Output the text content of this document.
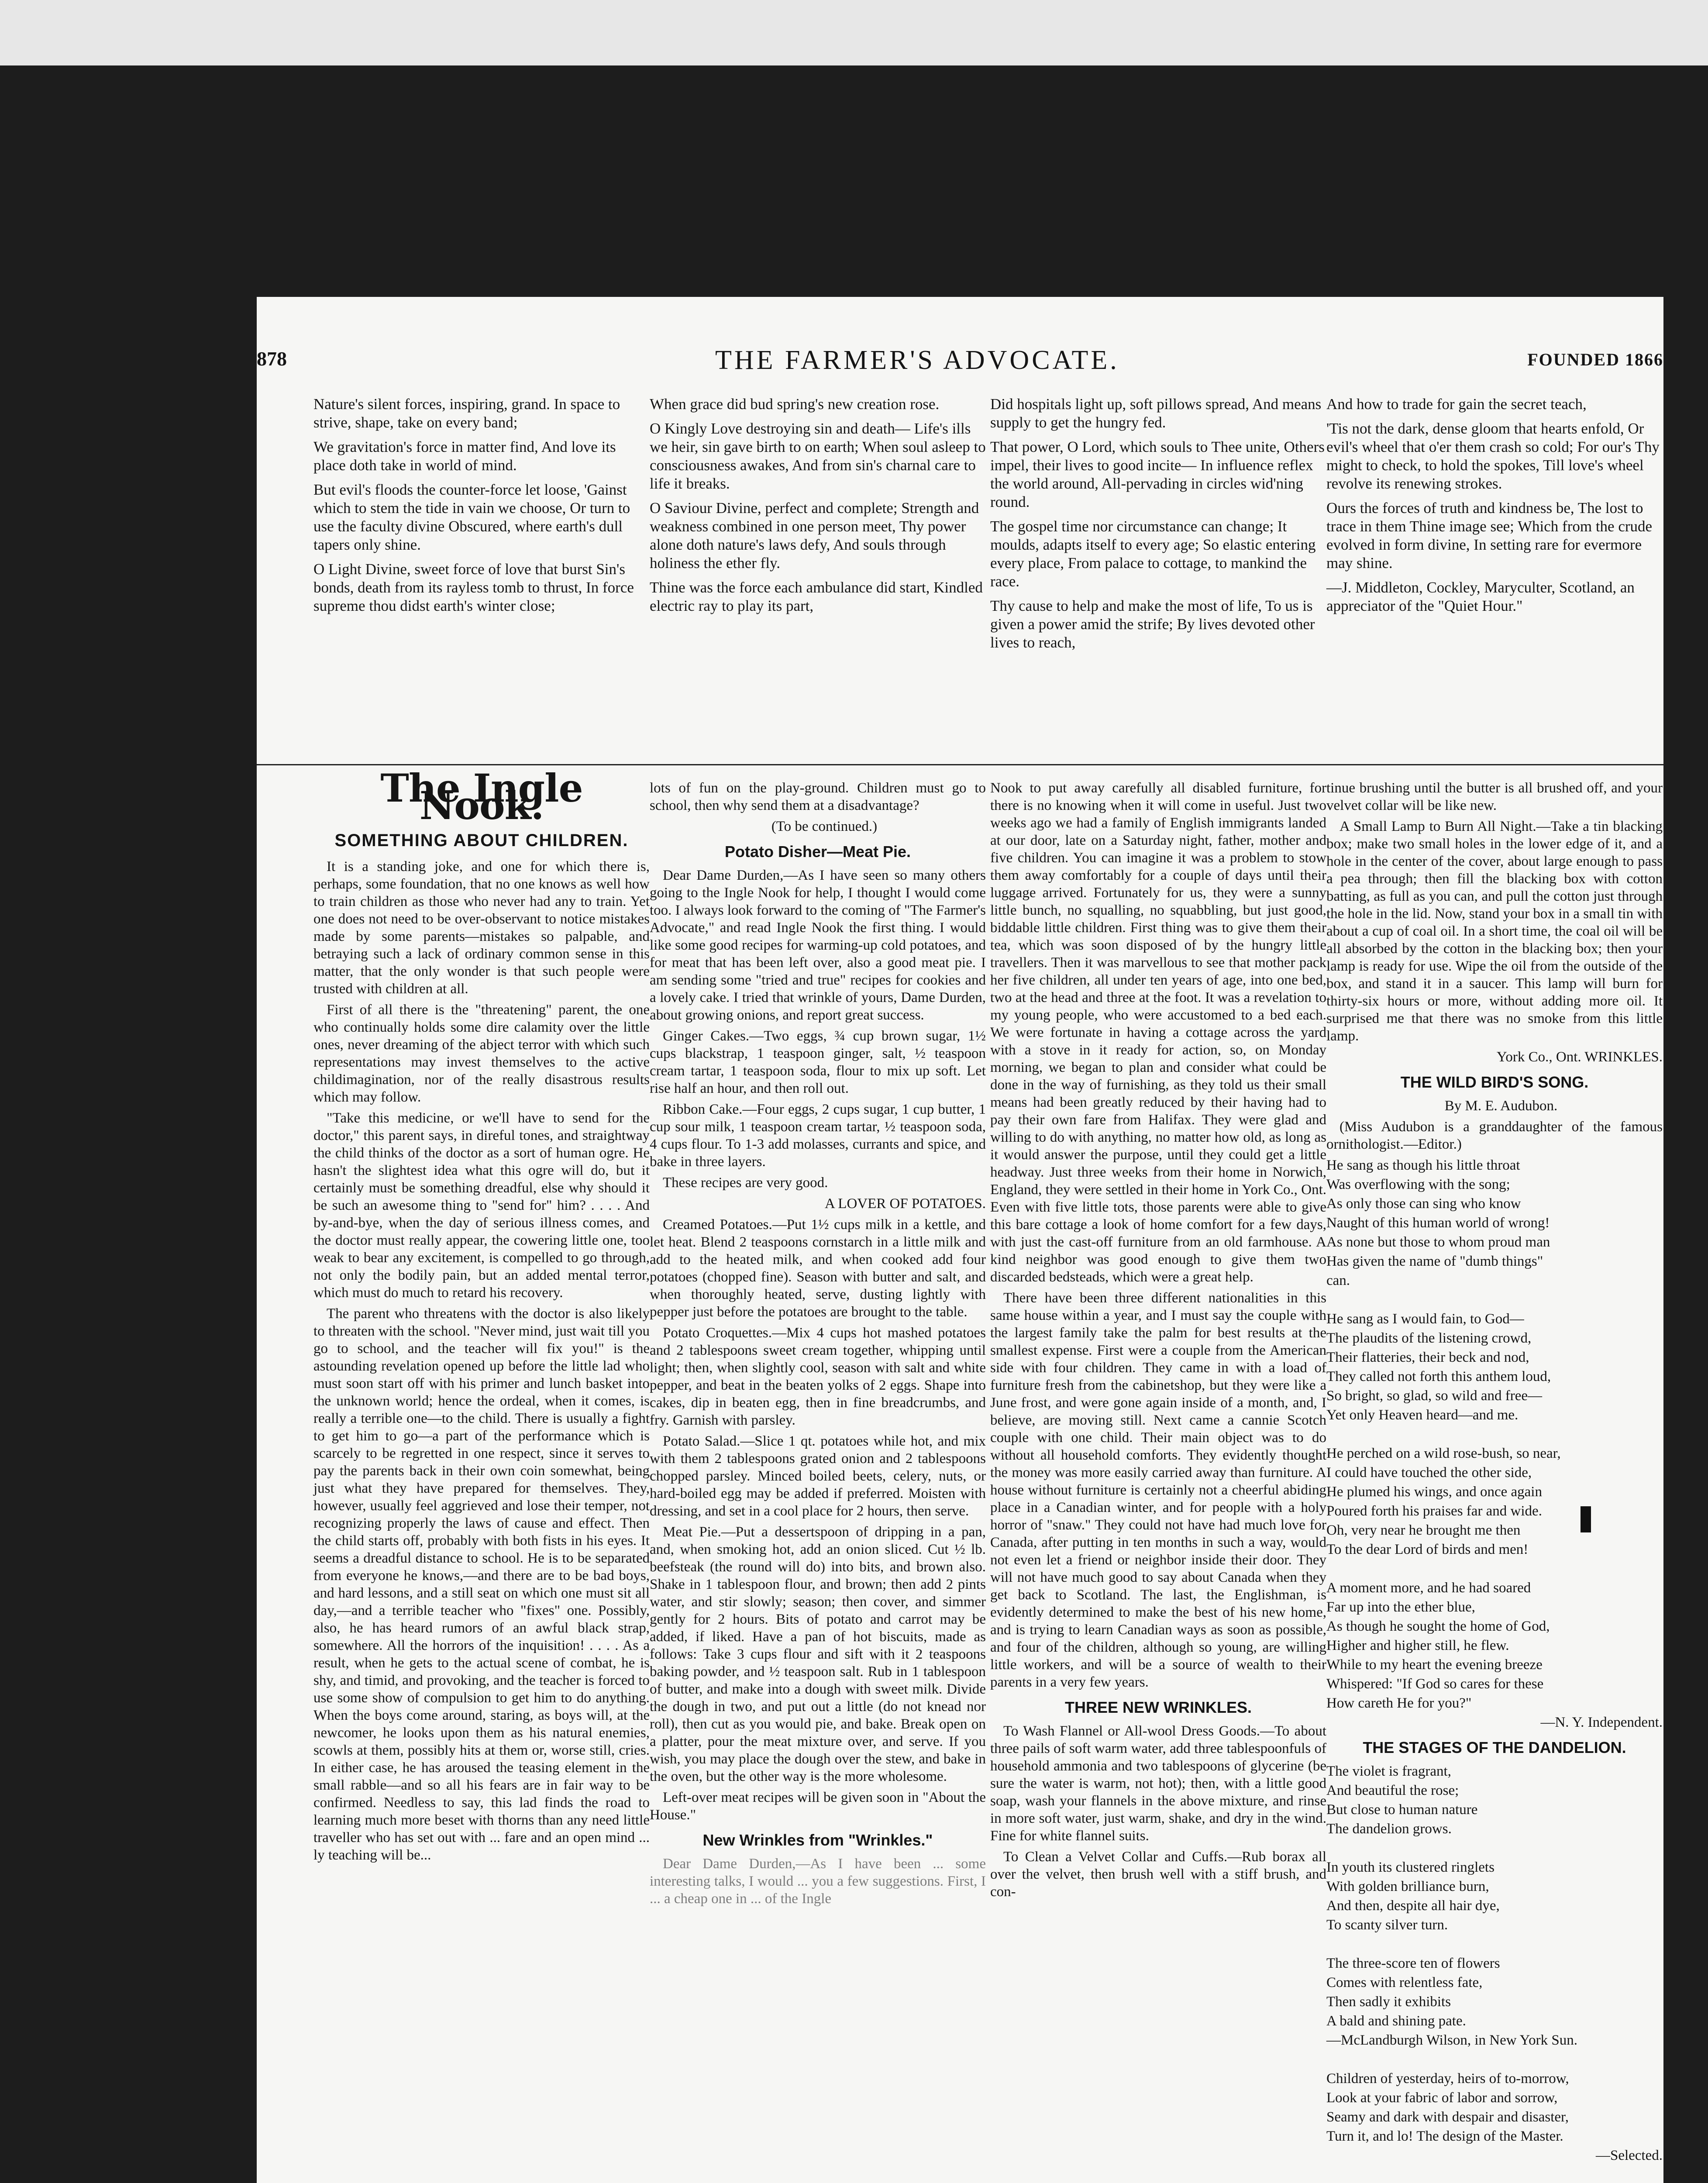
878	THE FARMER'S ADVOCATE.	FOUNDED 1866

Nature's silent forces, inspiring, grand. In space to strive, shape, take on every band;

We gravitation's force in matter find, And love its place doth take in world of mind.

But evil's floods the counter-force let loose, 'Gainst which to stem the tide in vain we choose, Or turn to use the faculty divine Obscured, where earth's dull tapers only shine.

O Light Divine, sweet force of love that burst Sin's bonds, death from its rayless tomb to thrust, In force supreme thou didst earth's winter close;

When grace did bud spring's new creation rose.

O Kingly Love destroying sin and death— Life's ills we heir, sin gave birth to on earth; When soul asleep to consciousness awakes, And from sin's charnal care to life it breaks.

O Saviour Divine, perfect and complete; Strength and weakness combined in one person meet, Thy power alone doth nature's laws defy, And souls through holiness the ether fly.

Thine was the force each ambulance did start, Kindled electric ray to play its part,

Did hospitals light up, soft pillows spread, And means supply to get the hungry fed.

That power, O Lord, which souls to Thee unite, Others impel, their lives to good incite— In influence reflex the world around, All-pervading in circles wid'ning round.

The gospel time nor circumstance can change; It moulds, adapts itself to every age; So elastic entering every place, From palace to cottage, to mankind the race.

Thy cause to help and make the most of life, To us is given a power amid the strife; By lives devoted other lives to reach,

And how to trade for gain the secret teach,

'Tis not the dark, dense gloom that hearts enfold, Or evil's wheel that o'er them crash so cold; For our's Thy might to check, to hold the spokes, Till love's wheel revolve its renewing strokes.

Ours the forces of truth and kindness be, The lost to trace in them Thine image see; Which from the crude evolved in form divine, In setting rare for evermore may shine.

—J. Middleton, Cockley, Maryculter, Scotland, an appreciator of the "Quiet Hour."

The Ingle Nook.
SOMETHING ABOUT CHILDREN.

It is a standing joke, and one for which there is, perhaps, some foundation, that no one knows as well how to train children as those who never had any to train. Yet one does not need to be over-observant to notice mistakes made by some parents—mistakes so palpable, and betraying such a lack of ordinary common sense in this matter, that the only wonder is that such people were trusted with children at all.

First of all there is the "threatening" parent, the one who continually holds some dire calamity over the little ones, never dreaming of the abject terror with which such representations may invest themselves to the active childimagination, nor of the really disastrous results which may follow.

"Take this medicine, or we'll have to send for the doctor," this parent says, in direful tones, and straightway the child thinks of the doctor as a sort of human ogre. He hasn't the slightest idea what this ogre will do, but it certainly must be something dreadful, else why should it be such an awesome thing to "send for" him? . . . . And by-and-bye, when the day of serious illness comes, and the doctor must really appear, the cowering little one, too weak to bear any excitement, is compelled to go through, not only the bodily pain, but an added mental terror, which must do much to retard his recovery.

The parent who threatens with the doctor is also likely to threaten with the school. "Never mind, just wait till you go to school, and the teacher will fix you!" is the astounding revelation opened up before the little lad who must soon start off with his primer and lunch basket into the unknown world; hence the ordeal, when it comes, is really a terrible one—to the child. There is usually a fight to get him to go—a part of the performance which is scarcely to be regretted in one respect, since it serves to pay the parents back in their own coin somewhat, being just what they have prepared for themselves. They, however, usually feel aggrieved and lose their temper, not recognizing properly the laws of cause and effect. Then the child starts off, probably with both fists in his eyes. It seems a dreadful distance to school. He is to be separated from everyone he knows,—and there are to be bad boys, and hard lessons, and a still seat on which one must sit all day,—and a terrible teacher who "fixes" one. Possibly, also, he has heard rumors of an awful black strap, somewhere. All the horrors of the inquisition! . . . . As a result, when he gets to the actual scene of combat, he is shy, and timid, and provoking, and the teacher is forced to use some show of compulsion to get him to do anything. When the boys come around, staring, as boys will, at the newcomer, he looks upon them as his natural enemies, scowls at them, possibly hits at them or, worse still, cries. In either case, he has aroused the teasing element in the small rabble—and so all his fears are in fair way to be confirmed. Needless to say, this lad finds the road to learning much more beset with thorns than any need little traveller who has set out with ... fare and an open mind ... ly teaching will be...

lots of fun on the play-ground. Children must go to school, then why send them at a disadvantage?

(To be continued.)

Potato Disher—Meat Pie.

Dear Dame Durden,—As I have seen so many others going to the Ingle Nook for help, I thought I would come too. I always look forward to the coming of "The Farmer's Advocate," and read Ingle Nook the first thing. I would like some good recipes for warming-up cold potatoes, and for meat that has been left over, also a good meat pie. I am sending some "tried and true" recipes for cookies and a lovely cake. I tried that wrinkle of yours, Dame Durden, about growing onions, and report great success.

Ginger Cakes.—Two eggs, ¾ cup brown sugar, 1½ cups blackstrap, 1 teaspoon ginger, salt, ½ teaspoon cream tartar, 1 teaspoon soda, flour to mix up soft. Let rise half an hour, and then roll out.

Ribbon Cake.—Four eggs, 2 cups sugar, 1 cup butter, 1 cup sour milk, 1 teaspoon cream tartar, ½ teaspoon soda, 4 cups flour. To 1-3 add molasses, currants and spice, and bake in three layers.

These recipes are very good.

A LOVER OF POTATOES.

Creamed Potatoes.—Put 1½ cups milk in a kettle, and let heat. Blend 2 teaspoons cornstarch in a little milk and add to the heated milk, and when cooked add four potatoes (chopped fine). Season with butter and salt, and when thoroughly heated, serve, dusting lightly with pepper just before the potatoes are brought to the table.

Potato Croquettes.—Mix 4 cups hot mashed potatoes and 2 tablespoons sweet cream together, whipping until light; then, when slightly cool, season with salt and white pepper, and beat in the beaten yolks of 2 eggs. Shape into cakes, dip in beaten egg, then in fine breadcrumbs, and fry. Garnish with parsley.

Potato Salad.—Slice 1 qt. potatoes while hot, and mix with them 2 tablespoons grated onion and 2 tablespoons chopped parsley. Minced boiled beets, celery, nuts, or hard-boiled egg may be added if preferred. Moisten with dressing, and set in a cool place for 2 hours, then serve.

Meat Pie.—Put a dessertspoon of dripping in a pan, and, when smoking hot, add an onion sliced. Cut ½ lb. beefsteak (the round will do) into bits, and brown also. Shake in 1 tablespoon flour, and brown; then add 2 pints water, and stir slowly; season; then cover, and simmer gently for 2 hours. Bits of potato and carrot may be added, if liked. Have a pan of hot biscuits, made as follows: Take 3 cups flour and sift with it 2 teaspoons baking powder, and ½ teaspoon salt. Rub in 1 tablespoon of butter, and make into a dough with sweet milk. Divide the dough in two, and put out a little (do not knead nor roll), then cut as you would pie, and bake. Break open on a platter, pour the meat mixture over, and serve. If you wish, you may place the dough over the stew, and bake in the oven, but the other way is the more wholesome.

Left-over meat recipes will be given soon in "About the House."

New Wrinkles from "Wrinkles."

Dear Dame Durden,—As I have been ... some interesting talks, I would ... you a few suggestions. First, I ... a cheap one in ... of the Ingle

Nook to put away carefully all disabled furniture, for there is no knowing when it will come in useful. Just two weeks ago we had a family of English immigrants landed at our door, late on a Saturday night, father, mother and five children. You can imagine it was a problem to stow them away comfortably for a couple of days until their luggage arrived. Fortunately for us, they were a sunny little bunch, no squalling, no squabbling, but just good, biddable little children. First thing was to give them their tea, which was soon disposed of by the hungry little travellers. Then it was marvellous to see that mother pack her five children, all under ten years of age, into one bed, two at the head and three at the foot. It was a revelation to my young people, who were accustomed to a bed each. We were fortunate in having a cottage across the yard with a stove in it ready for action, so, on Monday morning, we began to plan and consider what could be done in the way of furnishing, as they told us their small means had been greatly reduced by their having had to pay their own fare from Halifax. They were glad and willing to do with anything, no matter how old, as long as it would answer the purpose, until they could get a little headway. Just three weeks from their home in Norwich, England, they were settled in their home in York Co., Ont. Even with five little tots, those parents were able to give this bare cottage a look of home comfort for a few days, with just the cast-off furniture from an old farmhouse. A kind neighbor was good enough to give them two discarded bedsteads, which were a great help.

There have been three different nationalities in this same house within a year, and I must say the couple with the largest family take the palm for best results at the smallest expense. First were a couple from the American side with four children. They came in with a load of furniture fresh from the cabinetshop, but they were like a June frost, and were gone again inside of a month, and, I believe, are moving still. Next came a cannie Scotch couple with one child. Their main object was to do without all household comforts. They evidently thought the money was more easily carried away than furniture. A house without furniture is certainly not a cheerful abiding place in a Canadian winter, and for people with a holy horror of "snaw." They could not have had much love for Canada, after putting in ten months in such a way, would not even let a friend or neighbor inside their door. They will not have much good to say about Canada when they get back to Scotland. The last, the Englishman, is evidently determined to make the best of his new home, and is trying to learn Canadian ways as soon as possible, and four of the children, although so young, are willing little workers, and will be a source of wealth to their parents in a very few years.

THREE NEW WRINKLES.

To Wash Flannel or All-wool Dress Goods.—To about three pails of soft warm water, add three tablespoonfuls of household ammonia and two tablespoons of glycerine (be sure the water is warm, not hot); then, with a little good soap, wash your flannels in the above mixture, and rinse in more soft water, just warm, shake, and dry in the wind. Fine for white flannel suits.

To Clean a Velvet Collar and Cuffs.—Rub borax all over the velvet, then brush well with a stiff brush, and con-

tinue brushing until the butter is all brushed off, and your velvet collar will be like new.

A Small Lamp to Burn All Night.—Take a tin blacking box; make two small holes in the lower edge of it, and a hole in the center of the cover, about large enough to pass a pea through; then fill the blacking box with cotton batting, as full as you can, and pull the cotton just through the hole in the lid. Now, stand your box in a small tin with about a cup of coal oil. In a short time, the coal oil will be all absorbed by the cotton in the blacking box; then your lamp is ready for use. Wipe the oil from the outside of the box, and stand it in a saucer. This lamp will burn for thirty-six hours or more, without adding more oil. It surprised me that there was no smoke from this little lamp.

York Co., Ont. WRINKLES.

THE WILD BIRD'S SONG.

By M. E. Audubon.

(Miss Audubon is a granddaughter of the famous ornithologist.—Editor.)

He sang as though his little throat

Was overflowing with the song;

As only those can sing who know

Naught of this human world of wrong!

As none but those to whom proud man

Has given the name of "dumb things"

can.

He sang as I would fain, to God—

The plaudits of the listening crowd,

Their flatteries, their beck and nod,

They called not forth this anthem loud,

So bright, so glad, so wild and free—

Yet only Heaven heard—and me.

He perched on a wild rose-bush, so near,

I could have touched the other side,

He plumed his wings, and once again

Poured forth his praises far and wide.

Oh, very near he brought me then

To the dear Lord of birds and men!

A moment more, and he had soared

Far up into the ether blue,

As though he sought the home of God,

Higher and higher still, he flew.

While to my heart the evening breeze

Whispered: "If God so cares for these

How careth He for you?"

—N. Y. Independent.

THE STAGES OF THE DANDELION.

The violet is fragrant,

And beautiful the rose;

But close to human nature

The dandelion grows.

In youth its clustered ringlets

With golden brilliance burn,

And then, despite all hair dye,

To scanty silver turn.

The three-score ten of flowers

Comes with relentless fate,

Then sadly it exhibits

A bald and shining pate.

—McLandburgh Wilson, in New York Sun.

Children of yesterday, heirs of to-morrow,

Look at your fabric of labor and sorrow,

Seamy and dark with despair and disaster,

Turn it, and lo! The design of the Master.

—Selected.
